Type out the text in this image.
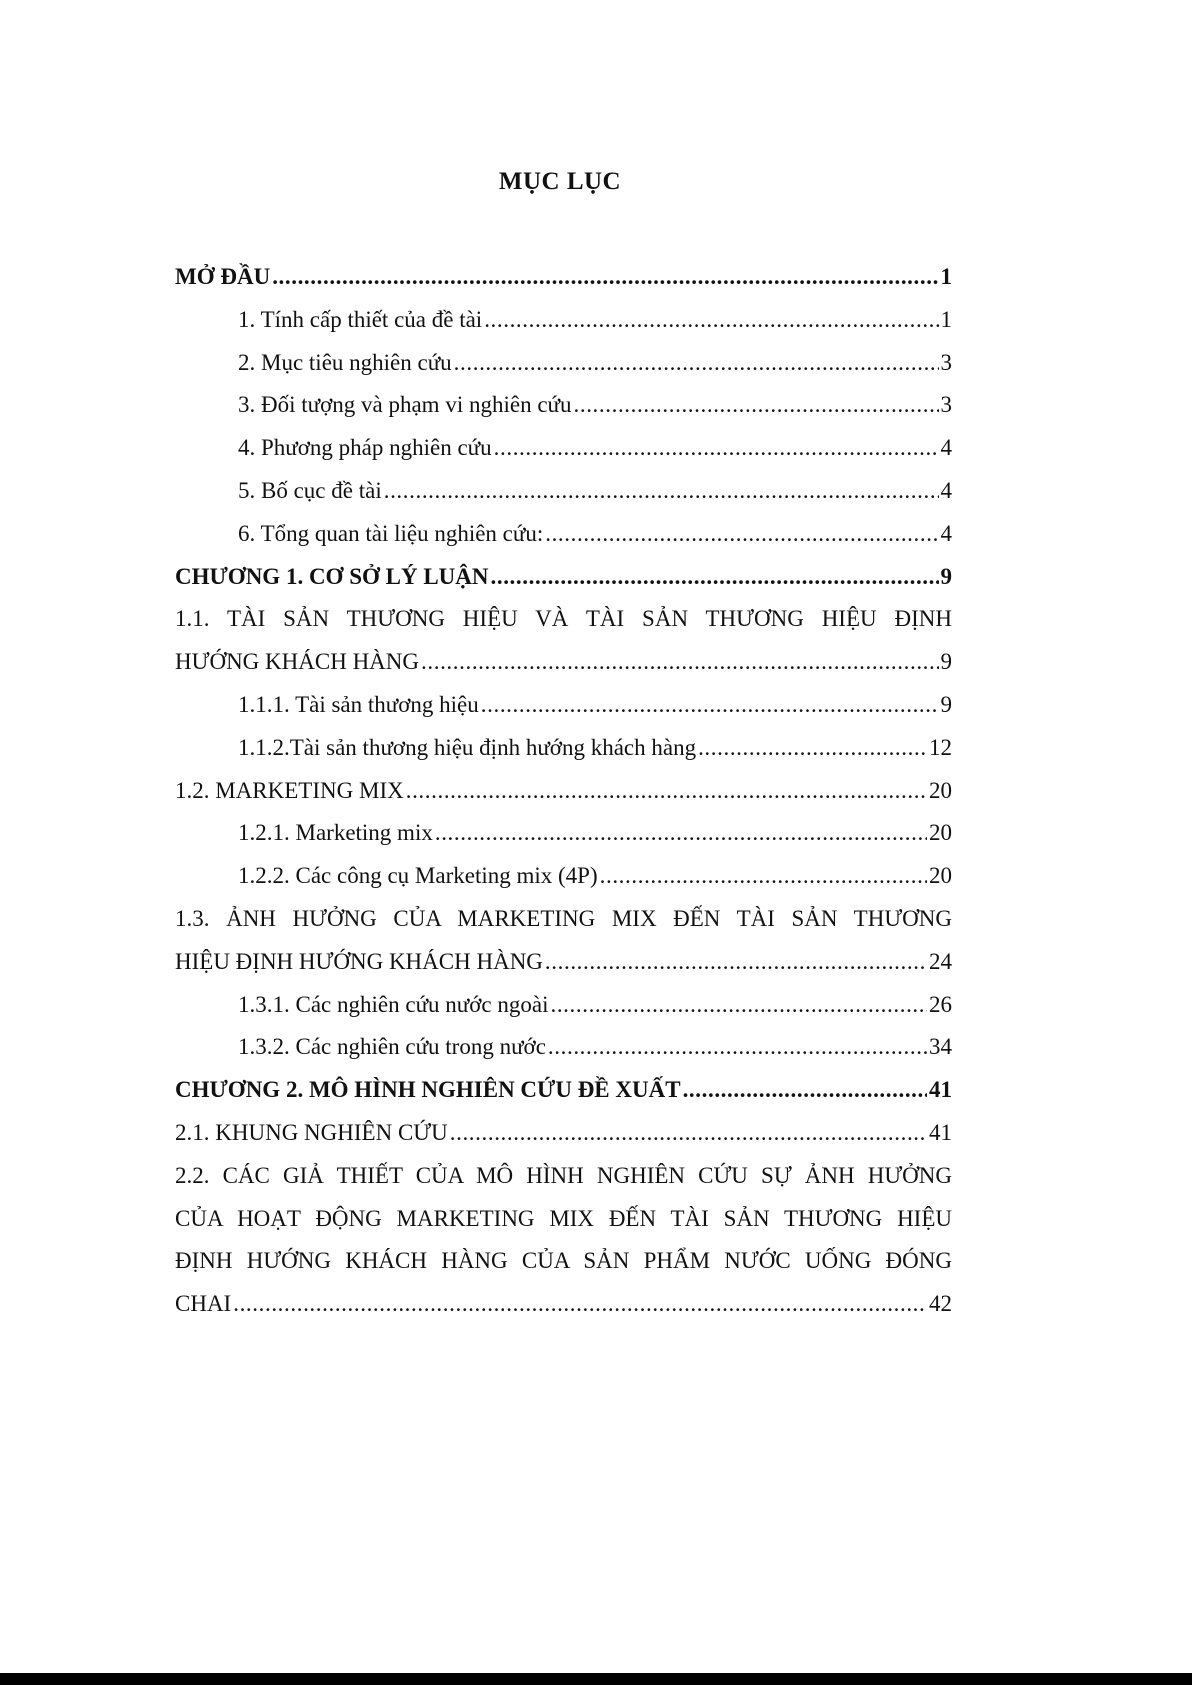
MỤC LỤC
MỞ ĐẦU .....	1
1. Tính cấp thiết của đề tài .....	1
2. Mục tiêu nghiên cứu .....	3
3. Đối tượng và phạm vi nghiên cứu .....	3
4. Phương pháp nghiên cứu .....	4
5. Bố cục đề tài .....	4
6. Tổng quan tài liệu nghiên cứu: .....	4
CHƯƠNG 1. CƠ SỞ LÝ LUẬN .....	9
1.1. TÀI SẢN THƯƠNG HIỆU VÀ TÀI SẢN THƯƠNG HIỆU ĐỊNH
HƯỚNG KHÁCH HÀNG .....	9
1.1.1. Tài sản thương hiệu .....	9
1.1.2.Tài sản thương hiệu định hướng khách hàng .....	12
1.2. MARKETING MIX .....	20
1.2.1. Marketing mix .....	20
1.2.2. Các công cụ Marketing mix (4P) .....	20
1.3. ẢNH HƯỞNG CỦA MARKETING MIX ĐẾN TÀI SẢN THƯƠNG
HIỆU ĐỊNH HƯỚNG KHÁCH HÀNG .....	24
1.3.1. Các nghiên cứu nước ngoài .....	26
1.3.2. Các nghiên cứu trong nước .....	34
CHƯƠNG 2. MÔ HÌNH NGHIÊN CỨU ĐỀ XUẤT .....	41
2.1. KHUNG NGHIÊN CỨU .....	41
2.2. CÁC GIẢ THIẾT CỦA MÔ HÌNH NGHIÊN CỨU SỰ ẢNH HƯỞNG
CỦA HOẠT ĐỘNG MARKETING MIX ĐẾN TÀI SẢN THƯƠNG HIỆU
ĐỊNH HƯỚNG KHÁCH HÀNG CỦA SẢN PHẨM NƯỚC UỐNG ĐÓNG
CHAI .....	42
